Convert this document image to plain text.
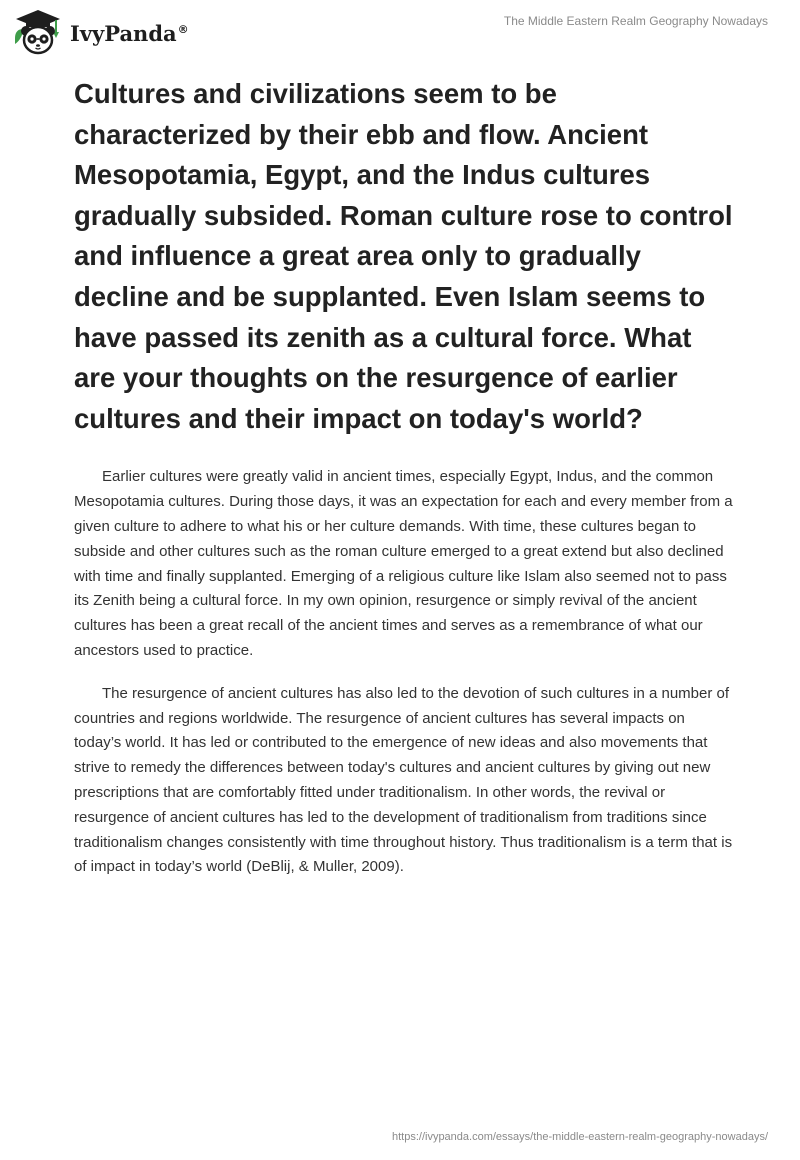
IvyPanda®
The Middle Eastern Realm Geography Nowadays
Cultures and civilizations seem to be characterized by their ebb and flow. Ancient Mesopotamia, Egypt, and the Indus cultures gradually subsided. Roman culture rose to control and influence a great area only to gradually decline and be supplanted. Even Islam seems to have passed its zenith as a cultural force. What are your thoughts on the resurgence of earlier cultures and their impact on today's world?

Earlier cultures were greatly valid in ancient times, especially Egypt, Indus, and the common Mesopotamia cultures. During those days, it was an expectation for each and every member from a given culture to adhere to what his or her culture demands. With time, these cultures began to subside and other cultures such as the roman culture emerged to a great extend but also declined with time and finally supplanted. Emerging of a religious culture like Islam also seemed not to pass its Zenith being a cultural force. In my own opinion, resurgence or simply revival of the ancient cultures has been a great recall of the ancient times and serves as a remembrance of what our ancestors used to practice.

The resurgence of ancient cultures has also led to the devotion of such cultures in a number of countries and regions worldwide. The resurgence of ancient cultures has several impacts on today’s world. It has led or contributed to the emergence of new ideas and also movements that strive to remedy the differences between today's cultures and ancient cultures by giving out new prescriptions that are comfortably fitted under traditionalism. In other words, the revival or resurgence of ancient cultures has led to the development of traditionalism from traditions since traditionalism changes consistently with time throughout history. Thus traditionalism is a term that is of impact in today’s world (DeBlij, & Muller, 2009).

https://ivypanda.com/essays/the-middle-eastern-realm-geography-nowadays/
